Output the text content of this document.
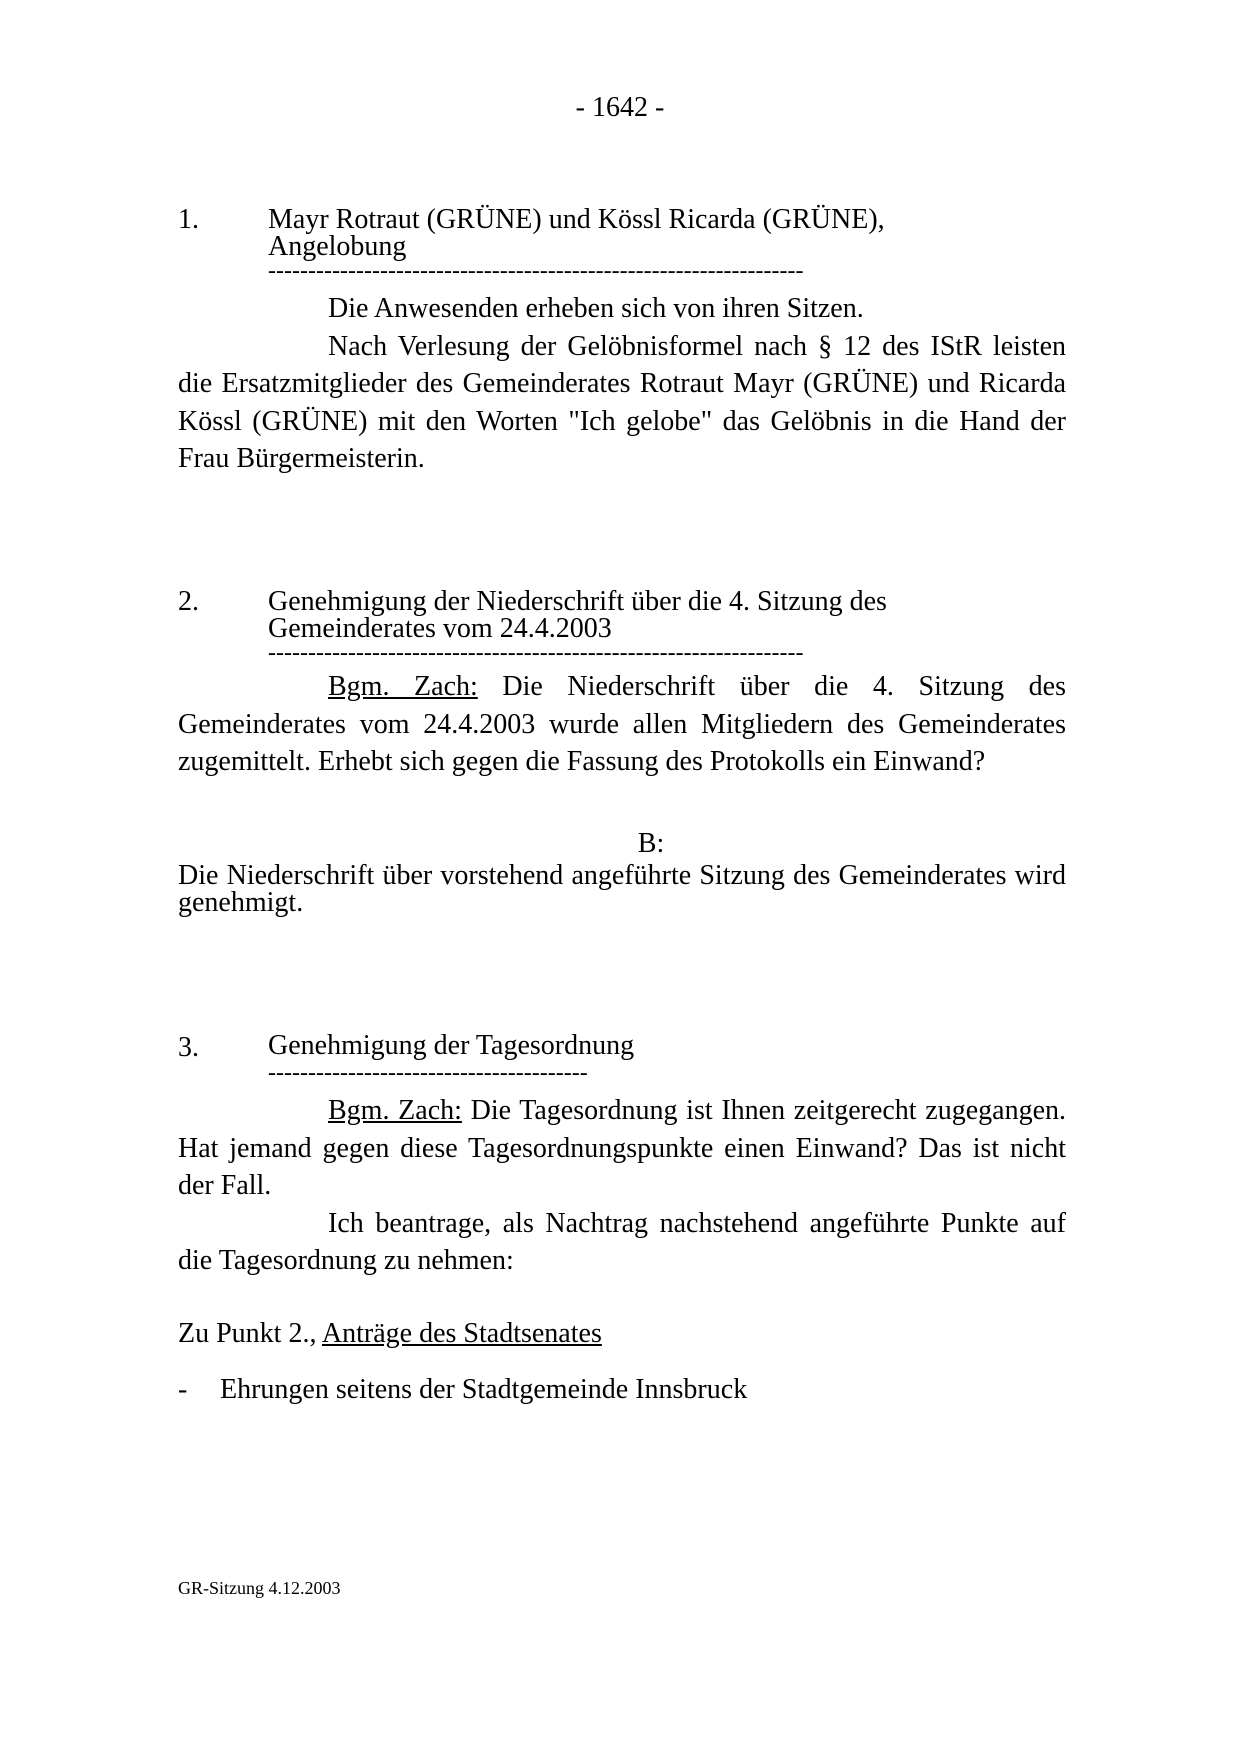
- 1642 -
1. Mayr Rotraut (GRÜNE) und Kössl Ricarda (GRÜNE),
Angelobung
-------------------------------------------------------------------

Die Anwesenden erheben sich von ihren Sitzen.

Nach Verlesung der Gelöbnisformel nach § 12 des IStR leisten die Ersatzmitglieder des Gemeinderates Rotraut Mayr (GRÜNE) und Ricarda Kössl (GRÜNE) mit den Worten "Ich gelobe" das Gelöbnis in die Hand der Frau Bürgermeisterin.

2. Genehmigung der Niederschrift über die 4. Sitzung des
Gemeinderates vom 24.4.2003
-------------------------------------------------------------------

Bgm. Zach: Die Niederschrift über die 4. Sitzung des Gemeinderates vom 24.4.2003 wurde allen Mitgliedern des Gemeinderates zugemittelt. Erhebt sich gegen die Fassung des Protokolls ein Einwand?

B:
Die Niederschrift über vorstehend angeführte Sitzung des Gemeinderates wird genehmigt.
3. Genehmigung der Tagesordnung
----------------------------------------

Bgm. Zach: Die Tagesordnung ist Ihnen zeitgerecht zugegangen. Hat jemand gegen diese Tagesordnungspunkte einen Einwand? Das ist nicht der Fall.

Ich beantrage, als Nachtrag nachstehend angeführte Punkte auf die Tagesordnung zu nehmen:

Zu Punkt 2., Anträge des Stadtsenates
- Ehrungen seitens der Stadtgemeinde Innsbruck
GR-Sitzung 4.12.2003
